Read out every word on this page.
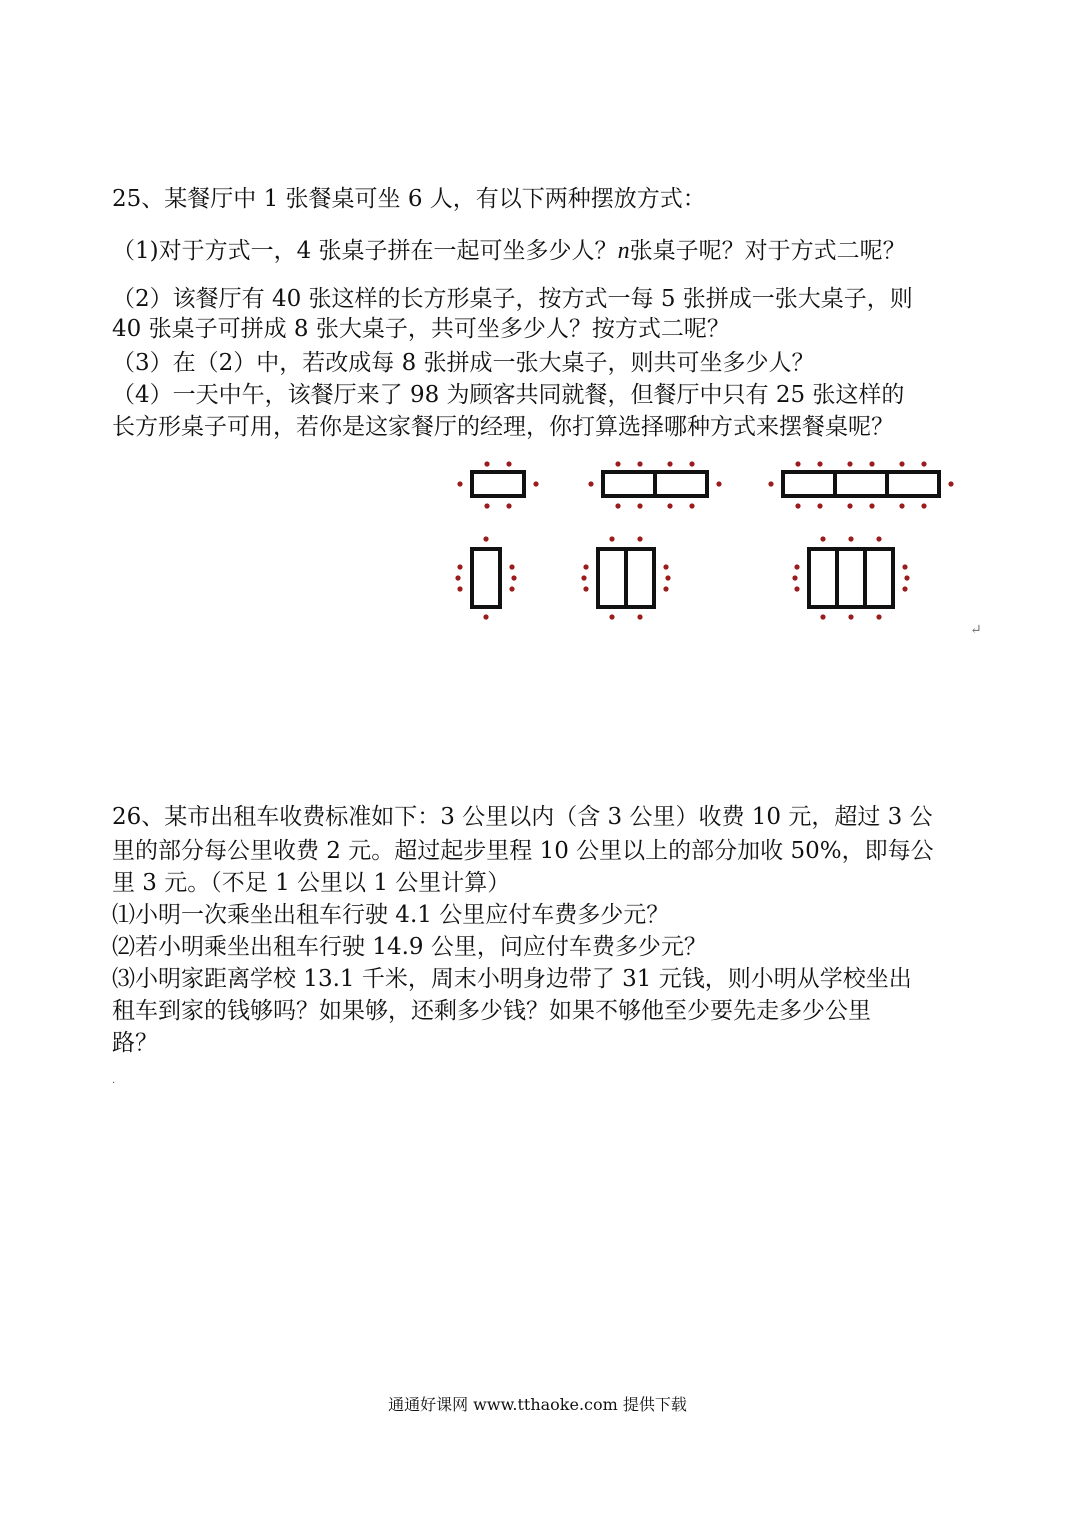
25、某餐厅中 1 张餐桌可坐 6 人，有以下两种摆放方式：
（1)对于方式一，4 张桌子拼在一起可坐多少人？n张桌子呢？对于方式二呢？
（2）该餐厅有 40 张这样的长方形桌子，按方式一每 5 张拼成一张大桌子，则
40 张桌子可拼成 8 张大桌子，共可坐多少人？按方式二呢？
（3）在（2）中，若改成每 8 张拼成一张大桌子，则共可坐多少人？
（4）一天中午，该餐厅来了 98 为顾客共同就餐，但餐厅中只有 25 张这样的
长方形桌子可用，若你是这家餐厅的经理，你打算选择哪种方式来摆餐桌呢？
↵
26、某市出租车收费标准如下：3 公里以内（含 3 公里）收费 10 元，超过 3 公
里的部分每公里收费 2 元。超过起步里程 10 公里以上的部分加收 50%，即每公
里 3 元。（不足 1 公里以 1 公里计算）
⑴小明一次乘坐出租车行驶 4.1 公里应付车费多少元？
⑵若小明乘坐出租车行驶 14.9 公里，问应付车费多少元？
⑶小明家距离学校 13.1 千米，周末小明身边带了 31 元钱，则小明从学校坐出
租车到家的钱够吗？如果够，还剩多少钱？如果不够他至少要先走多少公里
路？
·
通通好课网 www.tthaoke.com 提供下载
